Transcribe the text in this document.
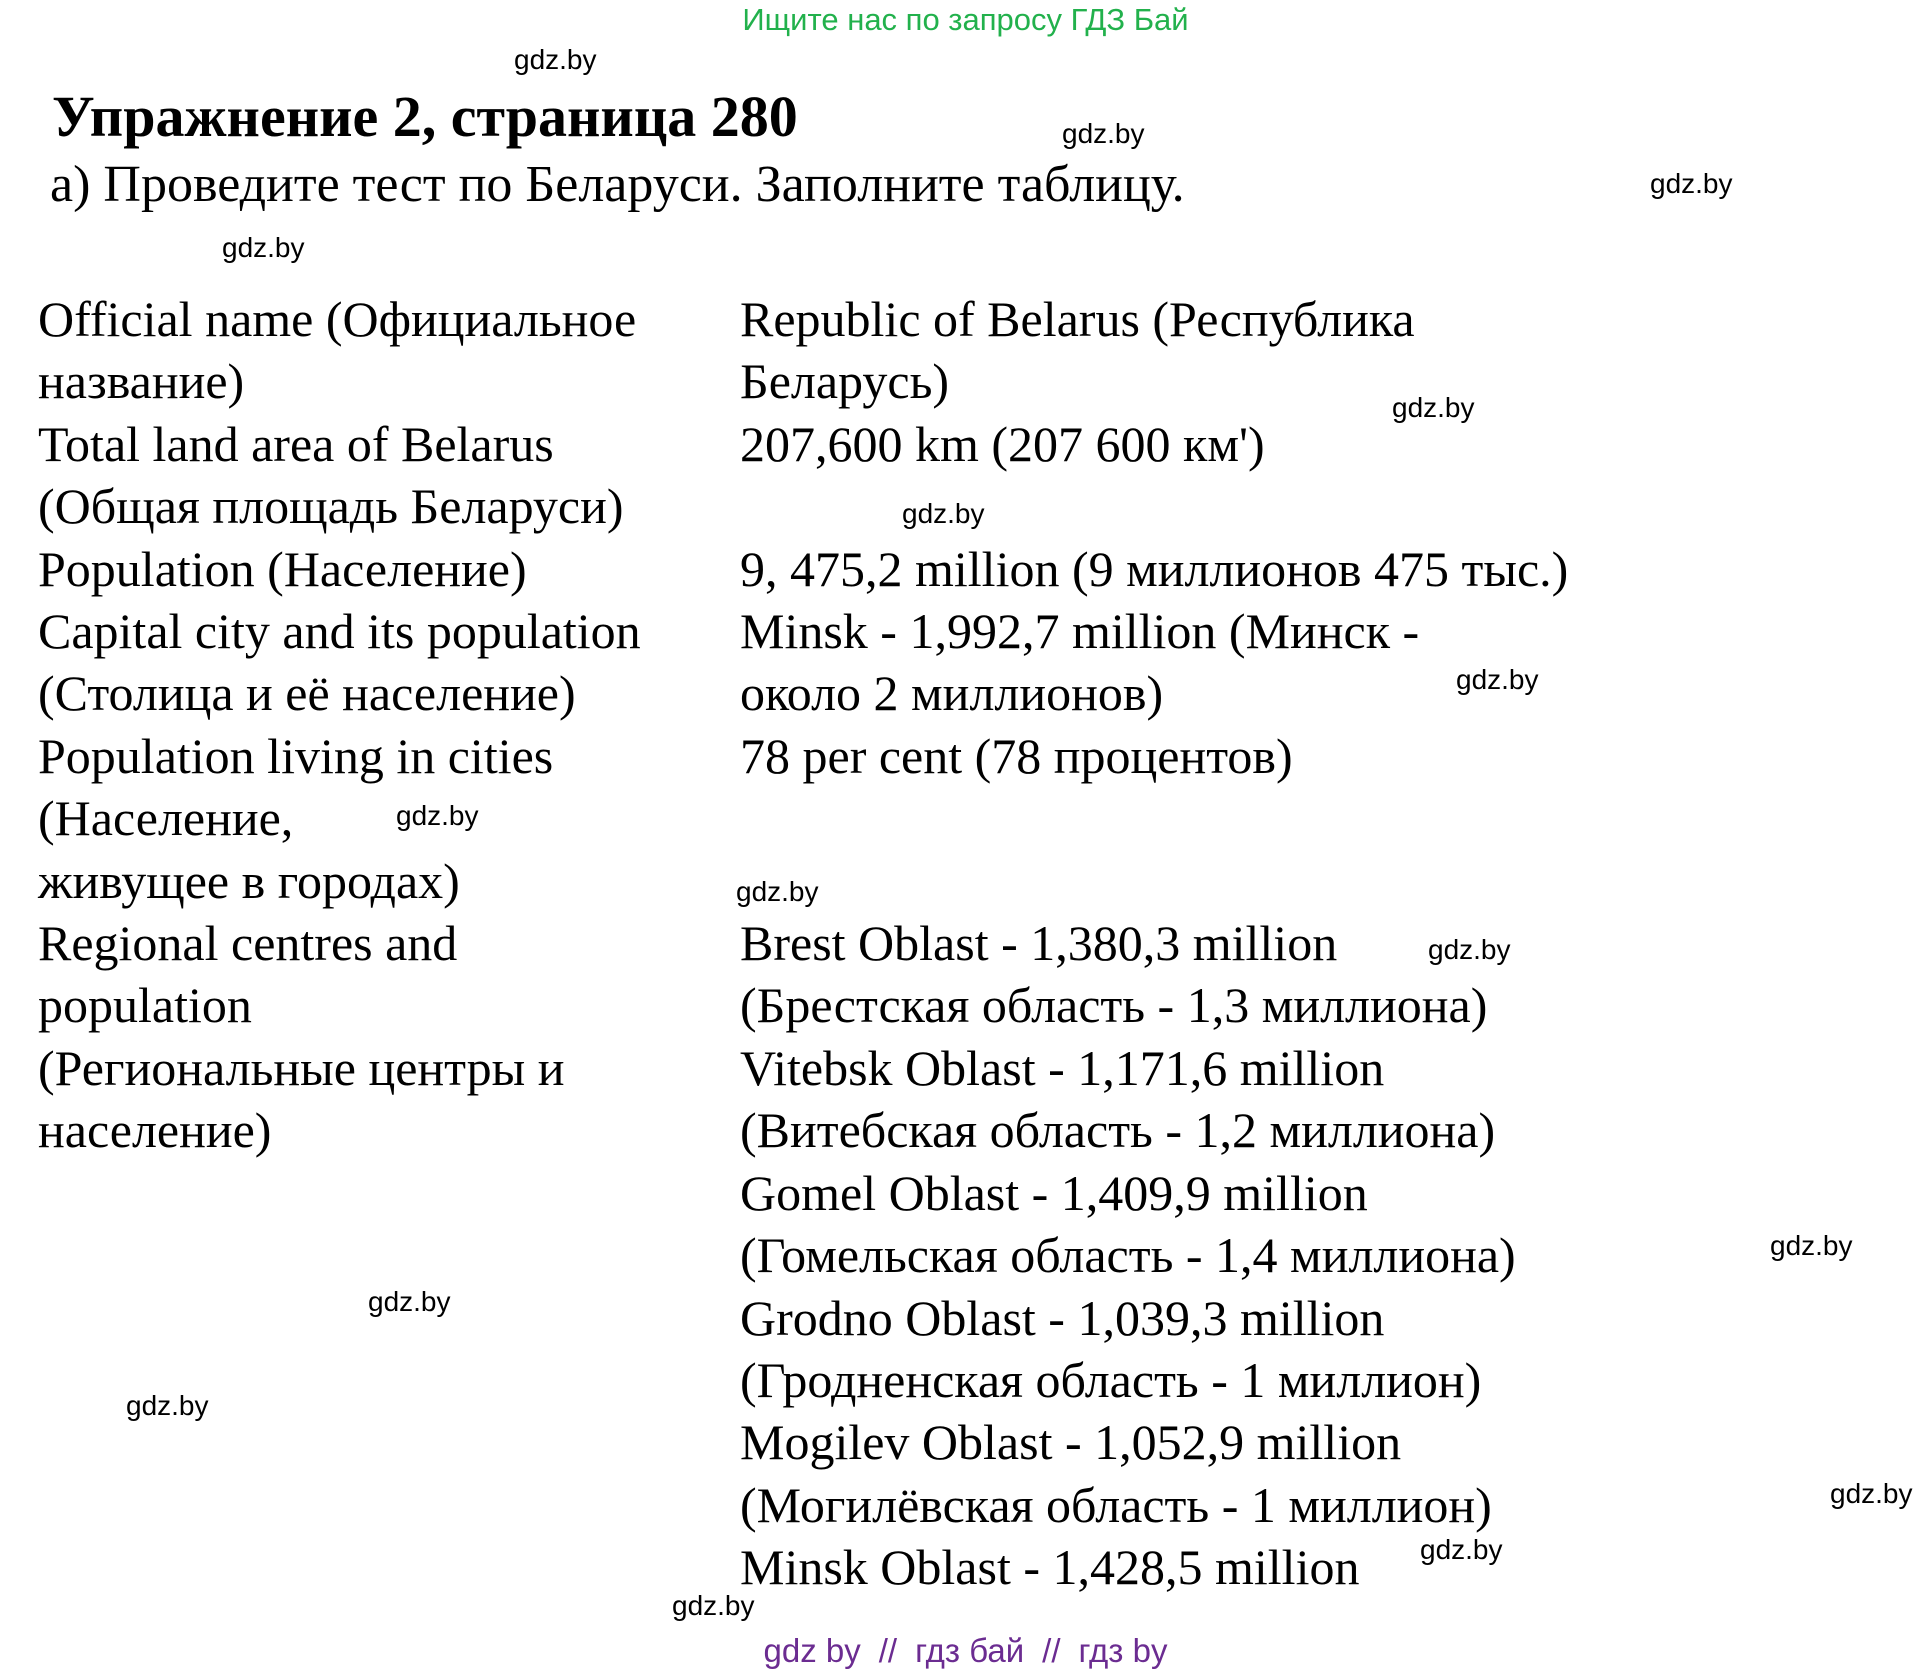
Ищите нас по запросу ГДЗ Бай
Упражнение 2, страница 280
а) Проведите тест по Беларуси. Заполните таблицу.
Official name (Официальное
название)
Republic of Belarus (Республика
Беларусь)
Total land area of Belarus
(Общая площадь Беларуси)
207,600 km (207 600 км')
Population (Население)	9, 475,2 million (9 миллионов 475 тыс.)
Capital city and its population
(Столица и её население)
Minsk - 1,992,7 million (Минск -
около 2 миллионов)
Population living in cities
(Население,
живущее в городах)
78 per cent (78 процентов)
Regional centres and
population
(Региональные центры и
население)
Brest Oblast - 1,380,3 million
(Брестская область - 1,3 миллиона)
Vitebsk Oblast - 1,171,6 million
(Витебская область - 1,2 миллиона)
Gomel Oblast - 1,409,9 million
(Гомельская область - 1,4 миллиона)
Grodno Oblast - 1,039,3 million
(Гродненская область - 1 миллион)
Mogilev Oblast - 1,052,9 million
(Могилёвская область - 1 миллион)
Minsk Oblast - 1,428,5 million
gdz.by
gdz.by
gdz.by
gdz.by
gdz.by
gdz.by
gdz.by
gdz.by
gdz.by
gdz.by
gdz.by
gdz.by
gdz.by
gdz.by
gdz.by
gdz.by
gdz by // гдз бай // гдз by
